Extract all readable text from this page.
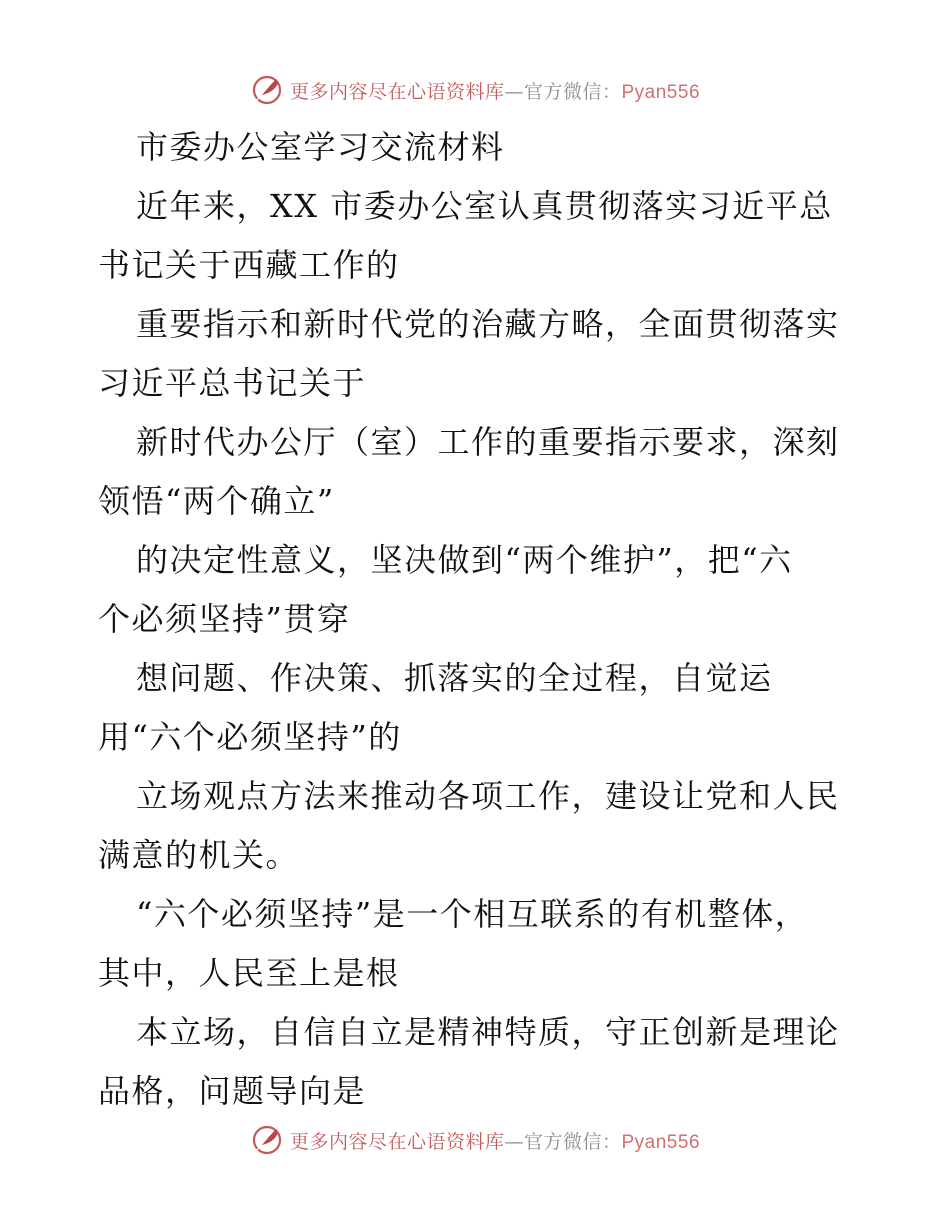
更多内容尽在心语资料库—官方微信：Pyan556
市委办公室学习交流材料
近年来，XX 市委办公室认真贯彻落实习近平总
书记关于西藏工作的
重要指示和新时代党的治藏方略，全面贯彻落实
习近平总书记关于
新时代办公厅（室）工作的重要指示要求，深刻
领悟“两个确立”
的决定性意义，坚决做到“两个维护”，把“六
个必须坚持”贯穿
想问题、作决策、抓落实的全过程，自觉运
用“六个必须坚持”的
立场观点方法来推动各项工作，建设让党和人民
满意的机关。
“六个必须坚持”是一个相互联系的有机整体，
其中，人民至上是根
本立场，自信自立是精神特质，守正创新是理论
品格，问题导向是
更多内容尽在心语资料库—官方微信：Pyan556
